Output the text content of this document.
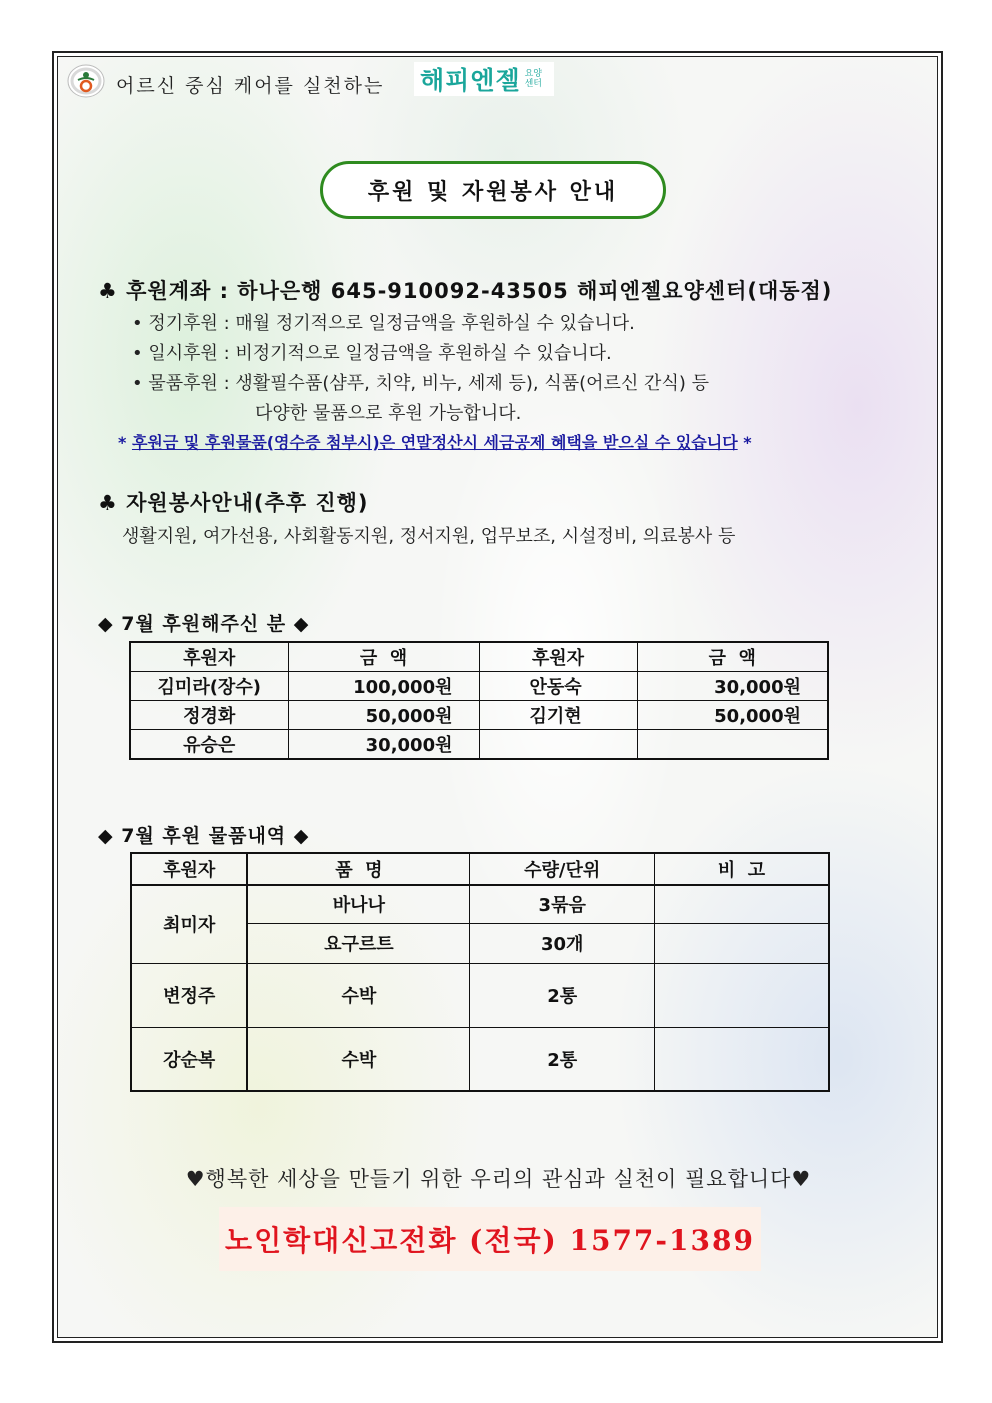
어르신 중심 케어를 실천하는 해피엔젤 요양
센터
후원 및 자원봉사 안내
♣ 후원계좌 : 하나은행 645-910092-43505 해피엔젤요양센터(대동점)
• 정기후원 : 매월 정기적으로 일정금액을 후원하실 수 있습니다.
• 일시후원 : 비정기적으로 일정금액을 후원하실 수 있습니다.
• 물품후원 : 생활필수품(샴푸, 치약, 비누, 세제 등), 식품(어르신 간식) 등
다양한 물품으로 후원 가능합니다.
* 후원금 및 후원물품(영수증 첨부시)은 연말정산시 세금공제 혜택을 받으실 수 있습니다 *
♣ 자원봉사안내(추후 진행)
생활지원, 여가선용, 사회활동지원, 정서지원, 업무보조, 시설정비, 의료봉사 등
◆ 7월 후원해주신 분 ◆
후원자	금  액	후원자	금  액
김미라(장수)	100,000원	안동숙	30,000원
정경화	50,000원	김기현	50,000원
유승은	30,000원		
◆ 7월 후원 물품내역 ◆
후원자	품  명	수량/단위	비  고
최미자	바나나	3묶음	
	요구르트	30개	
변정주	수박	2통	
강순복	수박	2통	
♥행복한 세상을 만들기 위한 우리의 관심과 실천이 필요합니다♥
노인학대신고전화 (전국) 1577-1389
